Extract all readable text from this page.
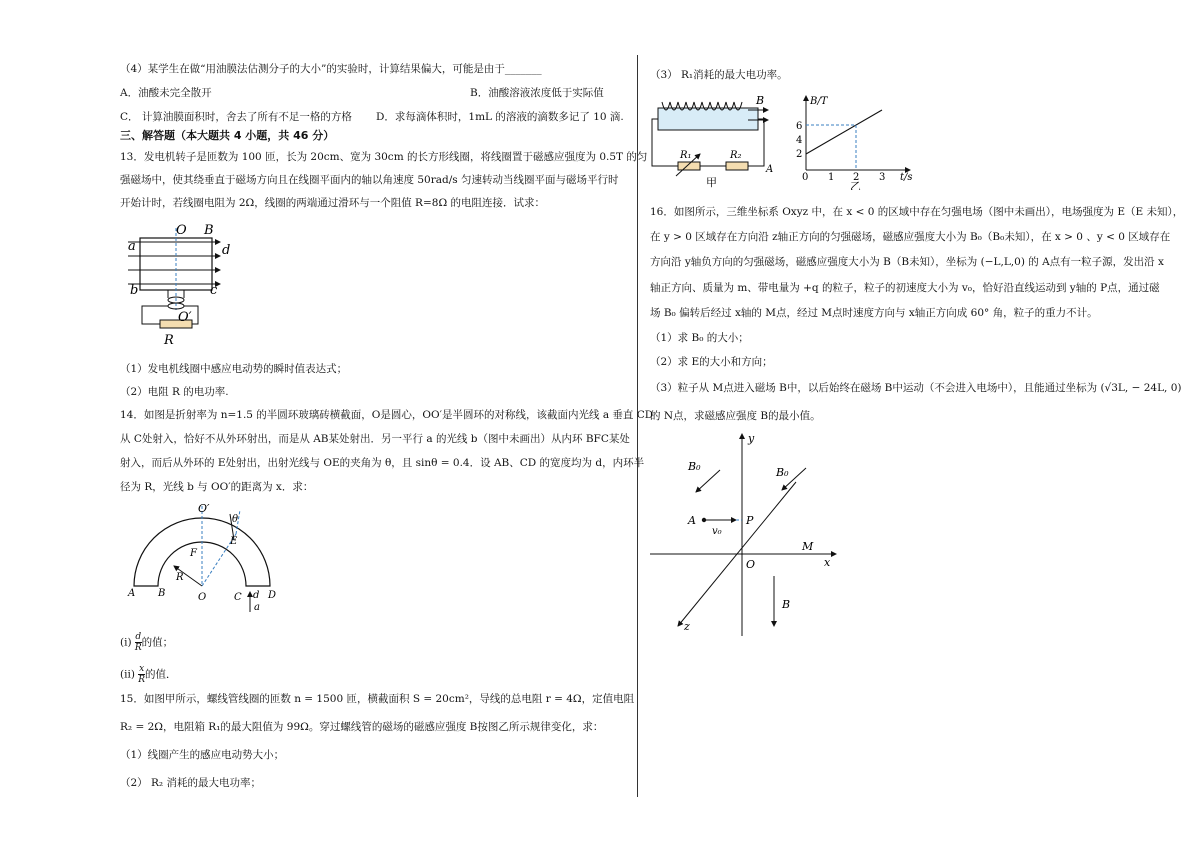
（4）某学生在做“用油膜法估测分子的大小”的实验时，计算结果偏大，可能是由于_______
A．油酸未完全散开	B．油酸溶液浓度低于实际值
C． 计算油膜面积时，舍去了所有不足一格的方格 D．求每滴体积时，1mL 的溶液的滴数多记了 10 滴.
三、解答题（本大题共 4 小题，共 46 分）
13．发电机转子是匝数为 100 匝，长为 20cm、宽为 30cm 的长方形线圈，将线圈置于磁感应强度为 0.5T 的匀
强磁场中，使其绕垂直于磁场方向且在线圈平面内的轴以角速度 50rad/s 匀速转动当线圈平面与磁场平行时
开始计时，若线圈电阻为 2Ω，线圈的两端通过滑环与一个阻值 R=8Ω 的电阻连接．试求：
O B
a	d
b	c
O′
R
（1）发电机线圈中感应电动势的瞬时值表达式；
（2）电阻 R 的电功率.
14．如图是折射率为 n=1.5 的半圆环玻璃砖横截面，O是圆心，OO′是半圆环的对称线，该截面内光线 a 垂直 CD
从 C处射入，恰好不从外环射出，而是从 AB某处射出．另一平行 a 的光线 b（图中未画出）从内环 BFC某处
射入，而后从外环的 E处射出，出射光线与 OE的夹角为 θ，且 sinθ = 0.4．设 AB、CD 的宽度均为 d，内环半
径为 R，光线 b 与 OO′的距离为 x．求：
O′
θ
E
F
R
A B	O	C d D
a
$(i) \frac{d}{R}$ 的值；
$(ii) \frac{x}{R}$ 的值．
15．如图甲所示，螺线管线圈的匝数 n = 1500 匝，横截面积 S = 20cm²，导线的总电阻 r = 4Ω，定值电阻
R₂ = 2Ω，电阻箱 R₁的最大阻值为 99Ω。穿过螺线管的磁场的磁感应强度 B按图乙所示规律变化，求：
（1）线圈产生的感应电动势大小；
（2） R₂ 消耗的最大电功率；
（3） R₁消耗的最大电功率。
B
R₁	R₂
A
甲
B/T
t/s
6
4
2
0 1 2 3
乙
16．如图所示，三维坐标系 Oxyz 中，在 x < 0 的区域中存在匀强电场（图中未画出），电场强度为 E（E 未知），
在 y > 0 区域存在方向沿 z轴正方向的匀强磁场，磁感应强度大小为 B₀（B₀未知），在 x > 0 、y < 0 区域存在
方向沿 y轴负方向的匀强磁场，磁感应强度大小为 B（B未知），坐标为 (−L,L,0) 的 A点有一粒子源，发出沿 x
轴正方向、质量为 m、带电量为 +q 的粒子，粒子的初速度大小为 v₀，恰好沿直线运动到 y轴的 P点，通过磁
场 B₀ 偏转后经过 x轴的 M点，经过 M点时速度方向与 x轴正方向成 60° 角，粒子的重力不计。
（1）求 B₀ 的大小；
（2）求 E的大小和方向；
（3）粒子从 M点进入磁场 B中，以后始终在磁场 B中运动（不会进入电场中），且能通过坐标为 (√3L, − 24L, 0)
的 N点，求磁感应强度 B的最小值。
y
x
z
O
A	P
M
v₀
B₀	B₀
B
